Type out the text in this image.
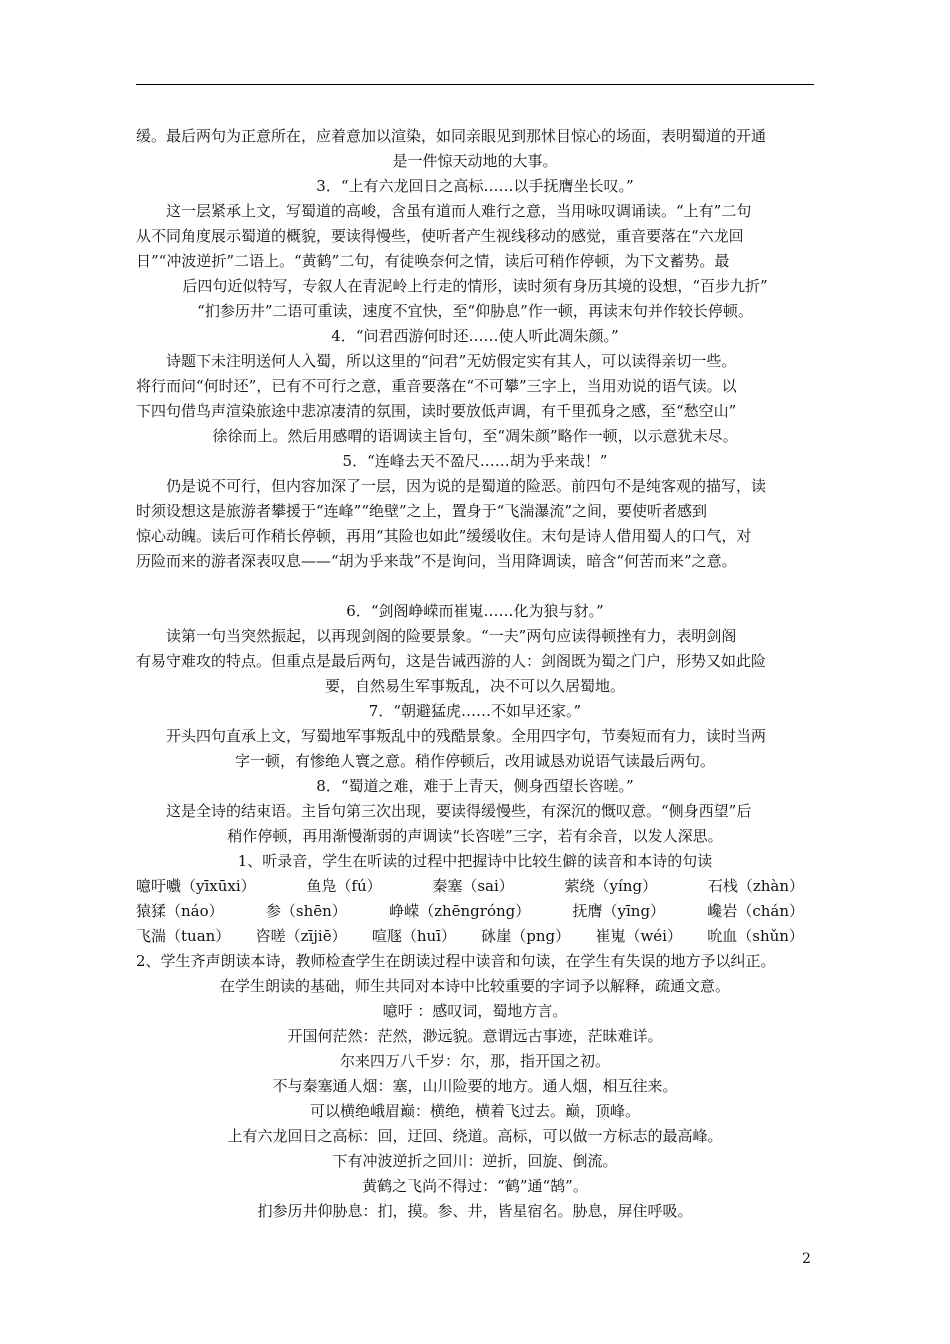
缓。最后两句为正意所在，应着意加以渲染，如同亲眼见到那怵目惊心的场面，表明蜀道的开通
是一件惊天动地的大事。
3．“上有六龙回日之高标……以手抚膺坐长叹。”
这一层紧承上文，写蜀道的高峻，含虽有道而人难行之意，当用咏叹调诵读。“上有”二句
从不同角度展示蜀道的概貌，要读得慢些，使听者产生视线移动的感觉，重音要落在“六龙回
日”“冲波逆折”二语上。“黄鹤”二句，有徒唤奈何之情，读后可稍作停顿，为下文蓄势。最
后四句近似特写，专叙人在青泥岭上行走的情形，读时须有身历其境的设想，“百步九折”
“扪参历井”二语可重读，速度不宜快，至“仰胁息”作一顿，再读末句并作较长停顿。
4．“问君西游何时还……使人听此凋朱颜。”
诗题下未注明送何人入蜀，所以这里的“问君”无妨假定实有其人，可以读得亲切一些。
将行而问“何时还”，已有不可行之意，重音要落在“不可攀”三字上，当用劝说的语气读。以
下四句借鸟声渲染旅途中悲凉凄清的氛围，读时要放低声调，有千里孤身之感，至“愁空山”
徐徐而上。然后用感喟的语调读主旨句，至“凋朱颜”略作一顿，以示意犹未尽。
5．“连峰去天不盈尺……胡为乎来哉！”
仍是说不可行，但内容加深了一层，因为说的是蜀道的险恶。前四句不是纯客观的描写，读
时须设想这是旅游者攀援于“连峰”“绝壁”之上，置身于“飞湍瀑流”之间，要使听者感到
惊心动魄。读后可作稍长停顿，再用“其险也如此”缓缓收住。末句是诗人借用蜀人的口气，对
历险而来的游者深表叹息——“胡为乎来哉”不是询问，当用降调读，暗含“何苦而来”之意。
6．“剑阁峥嵘而崔嵬……化为狼与豺。”
读第一句当突然振起，以再现剑阁的险要景象。“一夫”两句应读得顿挫有力，表明剑阁
有易守难攻的特点。但重点是最后两句，这是告诫西游的人：剑阁既为蜀之门户，形势又如此险
要，自然易生军事叛乱，决不可以久居蜀地。
7．“朝避猛虎……不如早还家。”
开头四句直承上文，写蜀地军事叛乱中的残酷景象。全用四字句，节奏短而有力，读时当两
字一顿，有惨绝人寰之意。稍作停顿后，改用诚恳劝说语气读最后两句。
8．“蜀道之难，难于上青天，侧身西望长咨嗟。”
这是全诗的结束语。主旨句第三次出现，要读得缓慢些，有深沉的慨叹意。“侧身西望”后
稍作停顿，再用渐慢渐弱的声调读“长咨嗟”三字，若有余音，以发人深思。
1、听录音，学生在听读的过程中把握诗中比较生僻的读音和本诗的句读
噫吁嚱（yīxūxi）	鱼凫（fú）	秦塞（sai）	萦绕（yíng）	石栈（zhàn）
猿猱（náo）	参（shēn）	峥嵘（zhēngróng）	抚膺（yīng）	巉岩（chán）
飞湍（tuan） 咨嗟（zījiē） 喧豗（huī） 砯崖（png） 崔嵬（wéi） 吮血（shǔn）
2、学生齐声朗读本诗，教师检查学生在朗读过程中读音和句读，在学生有失误的地方予以纠正。
在学生朗读的基础，师生共同对本诗中比较重要的字词予以解释，疏通文意。
噫吁 ：感叹词，蜀地方言。
开国何茫然：茫然，渺远貌。意谓远古事迹，茫昧难详。
尔来四万八千岁：尔，那，指开国之初。
不与秦塞通人烟：塞，山川险要的地方。通人烟，相互往来。
可以横绝峨眉巅：横绝，横着飞过去。巅，顶峰。
上有六龙回日之高标：回，迂回、绕道。高标，可以做一方标志的最高峰。
下有冲波逆折之回川：逆折，回旋、倒流。
黄鹤之飞尚不得过：“鹤”通“鹄”。
扪参历井仰胁息：扪，摸。参、井，皆星宿名。胁息，屏住呼吸。
2
